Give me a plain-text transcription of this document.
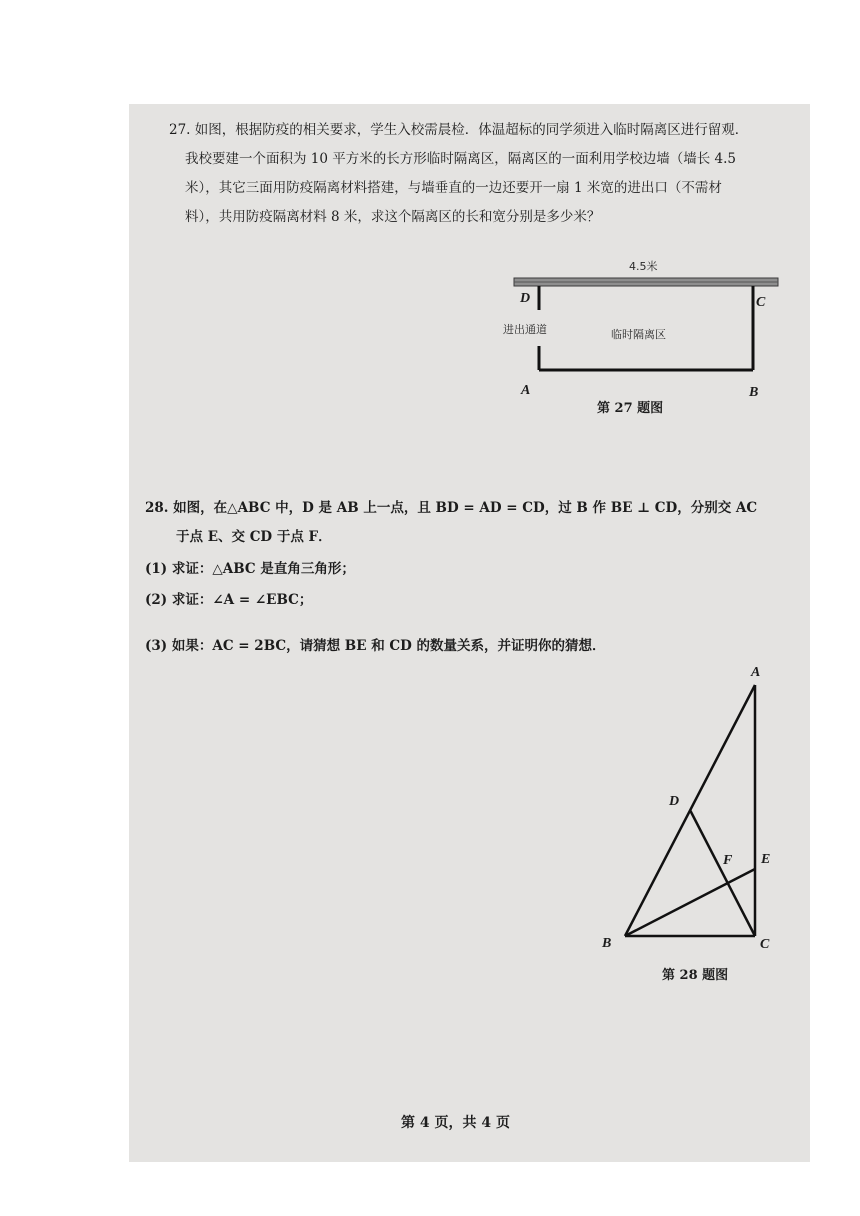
27. 如图，根据防疫的相关要求，学生入校需晨检．体温超标的同学须进入临时隔离区进行留观．
我校要建一个面积为 10 平方米的长方形临时隔离区，隔离区的一面利用学校边墙（墙长 4.5
米），其它三面用防疫隔离材料搭建，与墙垂直的一边还要开一扇 1 米宽的进出口（不需材
料），共用防疫隔离材料 8 米，求这个隔离区的长和宽分别是多少米？
4.5米
D	C
A	B
进出通道	临时隔离区
第 27 题图
28. 如图，在△ABC 中，D 是 AB 上一点，且 BD = AD = CD，过 B 作 BE ⊥ CD，分别交 AC
于点 E、交 CD 于点 F．
(1) 求证：△ABC 是直角三角形；
(2) 求证：∠A = ∠EBC；
(3) 如果：AC = 2BC，请猜想 BE 和 CD 的数量关系，并证明你的猜想．
A
B	C
D
E
F
第 28 题图
第 4 页，共 4 页
